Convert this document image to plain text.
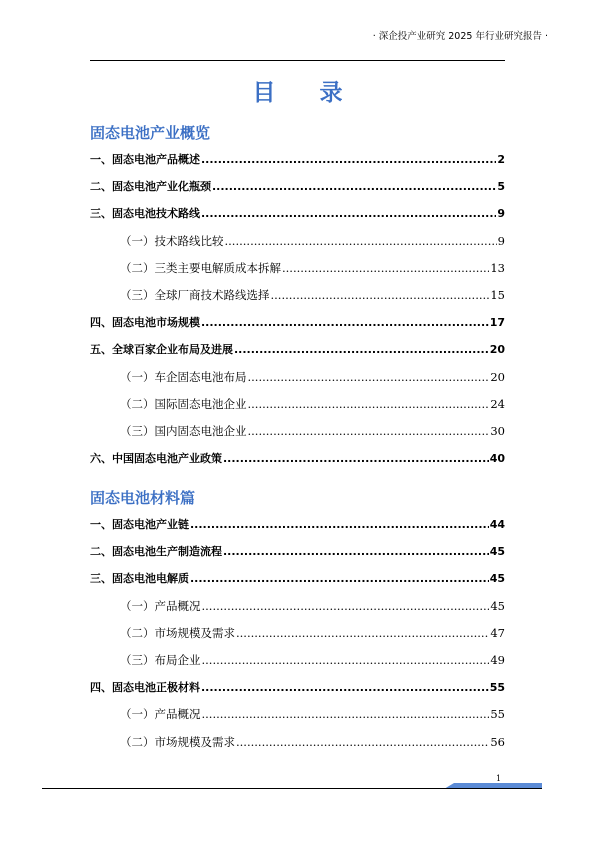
· 深企投产业研究 2025 年行业研究报告 ·
目 录
固态电池产业概览
一、固态电池产品概述 .....	2
二、固态电池产业化瓶颈 .....	5
三、固态电池技术路线 .....	9
（一）技术路线比较 .....	9
（二）三类主要电解质成本拆解 .....	13
（三）全球厂商技术路线选择 .....	15
四、固态电池市场规模 .....	17
五、全球百家企业布局及进展 .....	20
（一）车企固态电池布局 .....	20
（二）国际固态电池企业 .....	24
（三）国内固态电池企业 .....	30
六、中国固态电池产业政策 .....	40
固态电池材料篇
一、固态电池产业链 .....	44
二、固态电池生产制造流程 .....	45
三、固态电池电解质 .....	45
（一）产品概况 .....	45
（二）市场规模及需求 .....	47
（三）布局企业 .....	49
四、固态电池正极材料 .....	55
（一）产品概况 .....	55
（二）市场规模及需求 .....	56
1
